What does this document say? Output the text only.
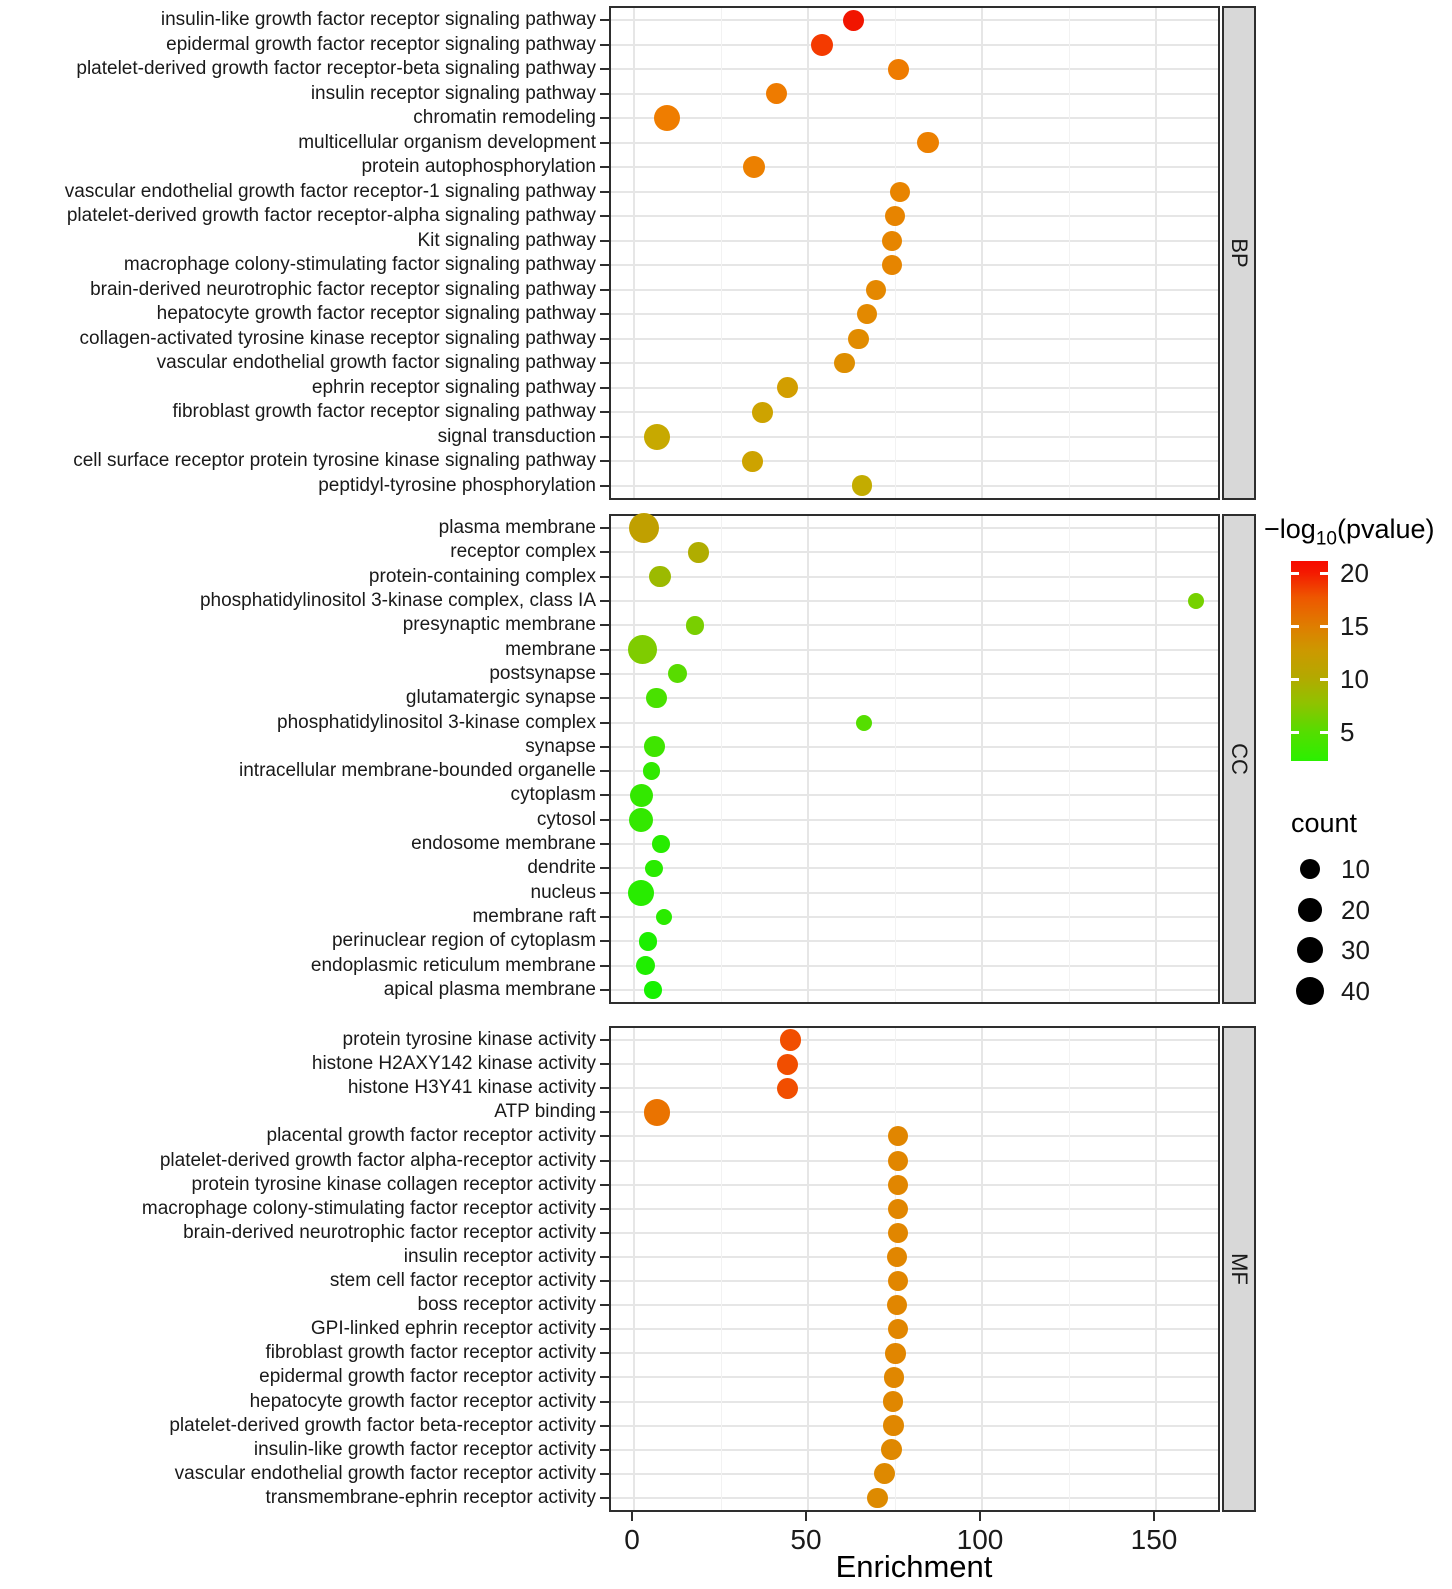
insulin-like growth factor receptor signaling pathway
epidermal growth factor receptor signaling pathway
platelet-derived growth factor receptor-beta signaling pathway
insulin receptor signaling pathway
chromatin remodeling
multicellular organism development
protein autophosphorylation
vascular endothelial growth factor receptor-1 signaling pathway
platelet-derived growth factor receptor-alpha signaling pathway
Kit signaling pathway
macrophage colony-stimulating factor signaling pathway
brain-derived neurotrophic factor receptor signaling pathway
hepatocyte growth factor receptor signaling pathway
collagen-activated tyrosine kinase receptor signaling pathway
vascular endothelial growth factor signaling pathway
ephrin receptor signaling pathway
fibroblast growth factor receptor signaling pathway
signal transduction
cell surface receptor protein tyrosine kinase signaling pathway
peptidyl-tyrosine phosphorylation
BP
plasma membrane
receptor complex
protein-containing complex
phosphatidylinositol 3-kinase complex, class IA
presynaptic membrane
membrane
postsynapse
glutamatergic synapse
phosphatidylinositol 3-kinase complex
synapse
intracellular membrane-bounded organelle
cytoplasm
cytosol
endosome membrane
dendrite
nucleus
membrane raft
perinuclear region of cytoplasm
endoplasmic reticulum membrane
apical plasma membrane
CC
protein tyrosine kinase activity
histone H2AXY142 kinase activity
histone H3Y41 kinase activity
ATP binding
placental growth factor receptor activity
platelet-derived growth factor alpha-receptor activity
protein tyrosine kinase collagen receptor activity
macrophage colony-stimulating factor receptor activity
brain-derived neurotrophic factor receptor activity
insulin receptor activity
stem cell factor receptor activity
boss receptor activity
GPI-linked ephrin receptor activity
fibroblast growth factor receptor activity
epidermal growth factor receptor activity
hepatocyte growth factor receptor activity
platelet-derived growth factor beta-receptor activity
insulin-like growth factor receptor activity
vascular endothelial growth factor receptor activity
transmembrane-ephrin receptor activity
MF
Enrichment
$-\log_{10}(pvalue)$
20
15
10
5
count
10
20
30
40
0	50	100	150
